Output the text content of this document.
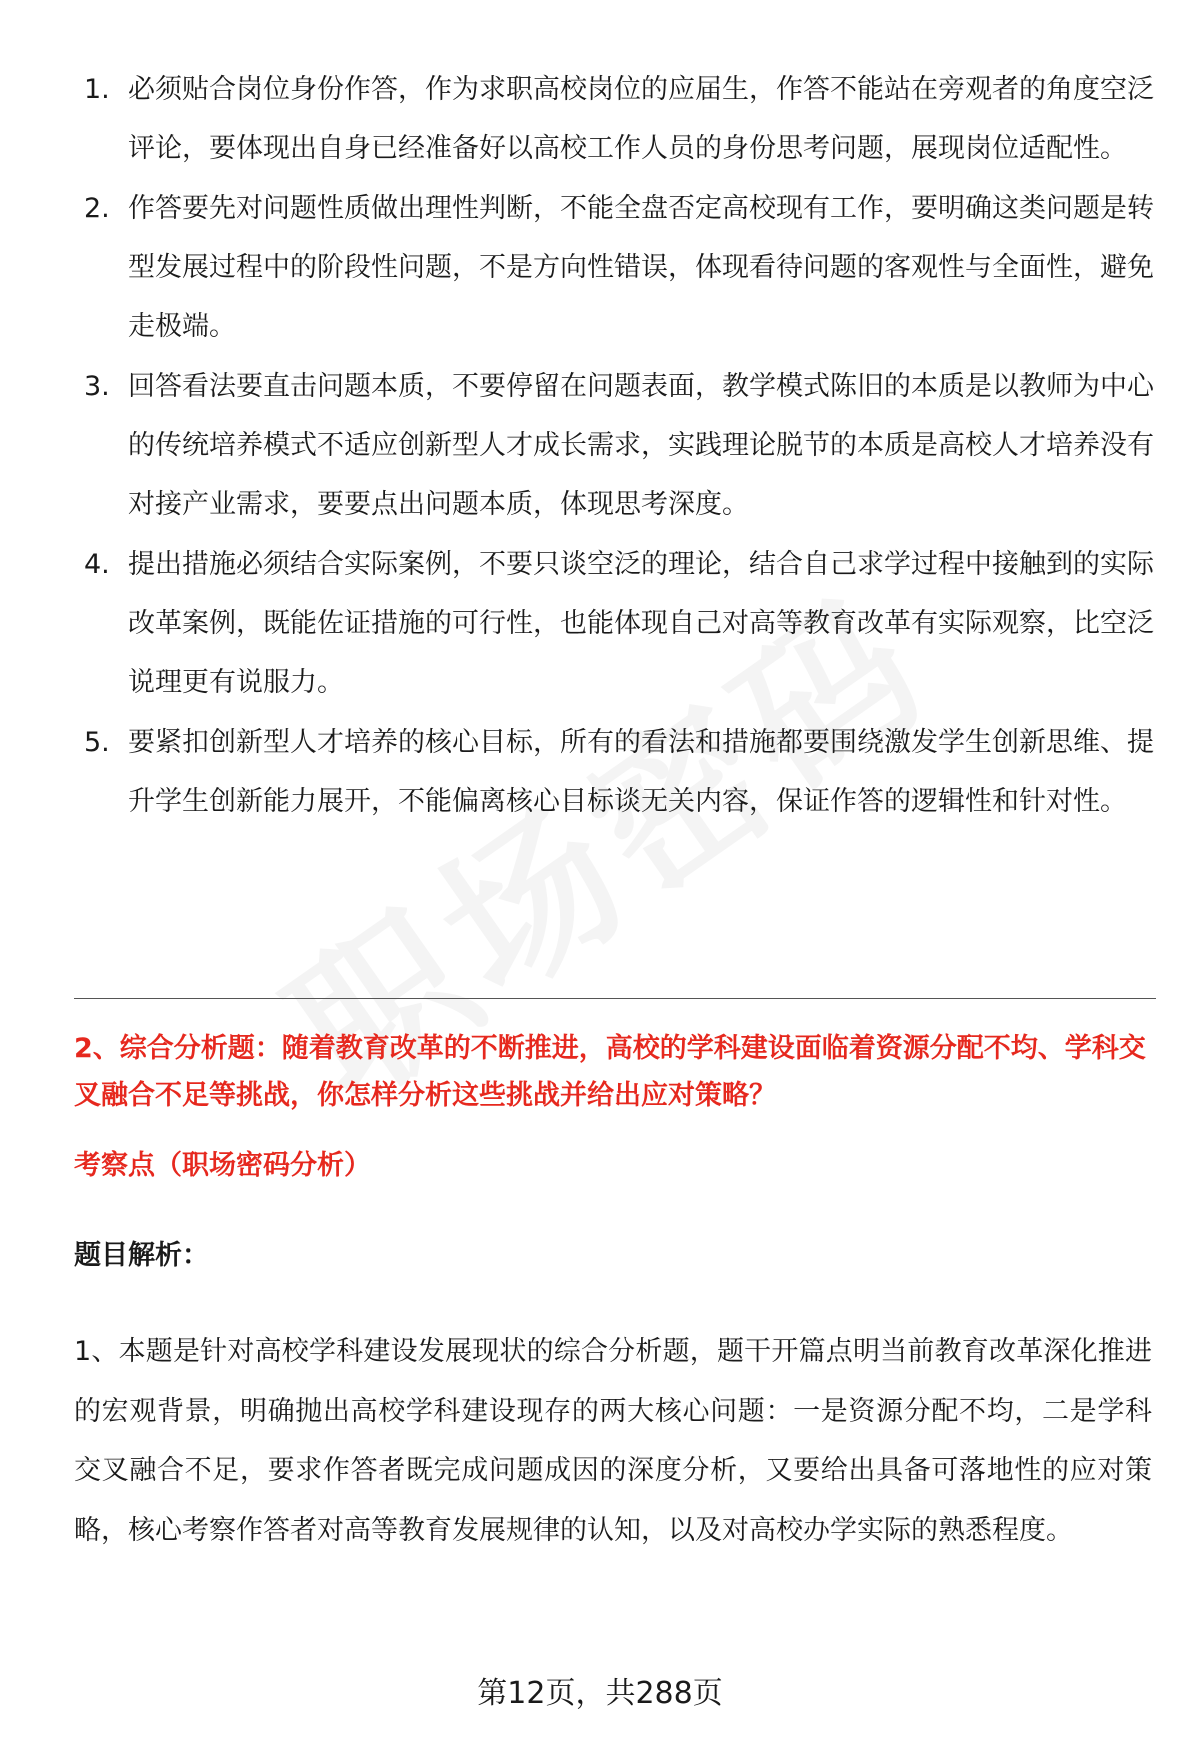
1. 必须贴合岗位身份作答，作为求职高校岗位的应届生，作答不能站在旁观者的角度空泛评论，要体现出自身已经准备好以高校工作人员的身份思考问题，展现岗位适配性。
2. 作答要先对问题性质做出理性判断，不能全盘否定高校现有工作，要明确这类问题是转型发展过程中的阶段性问题，不是方向性错误，体现看待问题的客观性与全面性，避免走极端。
3. 回答看法要直击问题本质，不要停留在问题表面，教学模式陈旧的本质是以教师为中心的传统培养模式不适应创新型人才成长需求，实践理论脱节的本质是高校人才培养没有对接产业需求，要要点出问题本质，体现思考深度。
4. 提出措施必须结合实际案例，不要只谈空泛的理论，结合自己求学过程中接触到的实际改革案例，既能佐证措施的可行性，也能体现自己对高等教育改革有实际观察，比空泛说理更有说服力。
5. 要紧扣创新型人才培养的核心目标，所有的看法和措施都要围绕激发学生创新思维、提升学生创新能力展开，不能偏离核心目标谈无关内容，保证作答的逻辑性和针对性。
2、综合分析题：随着教育改革的不断推进，高校的学科建设面临着资源分配不均、学科交叉融合不足等挑战，你怎样分析这些挑战并给出应对策略？
考察点（职场密码分析）
题目解析：
1、本题是针对高校学科建设发展现状的综合分析题，题干开篇点明当前教育改革深化推进的宏观背景，明确抛出高校学科建设现存的两大核心问题：一是资源分配不均，二是学科交叉融合不足，要求作答者既完成问题成因的深度分析，又要给出具备可落地性的应对策略，核心考察作答者对高等教育发展规律的认知，以及对高校办学实际的熟悉程度。
第12页，共288页
